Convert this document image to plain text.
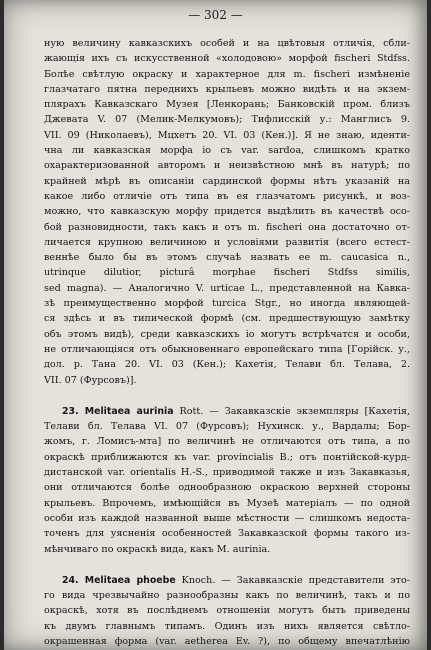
— 302 —
ную величину кавказскихъ особей и на цвѣтовыя отличія, сбли-
жающія ихъ съ искусственной «холодовою» морфой fischeri Stdfss.
Болѣе свѣтлую окраску и характерное для m. fischeri измѣненіе
глазчатаго пятна переднихъ крыльевъ можно видѣть и на экзем-
плярахъ Кавказскаго Музея [Ленкорань; Банковскій пром. близъ
Джевата V. 07 (Мелик-Мелкумовъ); Тифлисскій у.: Манглисъ 9.
VII. 09 (Николаевъ), Мцхетъ 20. VI. 03 (Кен.)]. Я не знаю, иденти-
чна ли кавказская морфа io съ var. sardoa, слишкомъ кратко
охарактеризованной авторомъ и неизвѣстною мнѣ въ натурѣ; по
крайней мѣрѣ въ описаніи сардинской формы нѣтъ указаній на
какое либо отличіе отъ типа въ ея глазчатомъ рисункѣ, и воз-
можно, что кавказскую морфу придется выдѣлить въ качествѣ осо-
бой разновидности, такъ какъ и отъ m. fischeri она достаточно от-
личается крупною величиною и условіями развитія (всего естест-
веннѣе было бы въ этомъ случаѣ назвать ее m. caucasica n.,
utrinque dilutior, picturâ morphae fischeri Stdfss similis,
sed magna). — Аналогично V. urticae L., представленной на Кавка-
зѣ преимущественно морфой turcica Stgr., но иногда являющей-
ся здѣсь и въ типической формѣ (см. предшествующую замѣтку
объ этомъ видѣ), среди кавказскихъ io могутъ встрѣчатся и особи,
не отличающіяся отъ обыкновеннаго европейскаго типа [Горійск. у.,
дол. р. Тана 20. VI. 03 (Кен.); Кахетія, Телави бл. Телава, 2.
VII. 07 (Фурсовъ)].
23. Melitaea aurinia Rott. — Закавказскіе экземпляры [Кахетія,
Телави бл. Телава VI. 07 (Фурсовъ); Нухинск. у., Вардалы; Бор-
жомъ, г. Ломисъ-мта] по величинѣ не отличаются отъ типа, а по
окраскѣ приближаются къ var. provincialis B.; отъ понтійской-курд-
дистанской var. orientalis H.-S., приводимой также и изъ Закавказья,
они отличаются болѣе однообразною окраскою верхней стороны
крыльевъ. Впрочемъ, имѣющійся въ Музеѣ матеріалъ — по одной
особи изъ каждой названной выше мѣстности — слишкомъ недоста-
точенъ для уясненія особенностей Закавказской формы такого из-
мѣнчиваго по окраскѣ вида, какъ M. aurinia.
24. Melitaea phoebe Knoch. — Закавказскіе представители это-
го вида чрезвычайно разнообразны какъ по величинѣ, такъ и по
окраскѣ, хотя въ послѣднемъ отношеніи могутъ быть приведены
къ двумъ главнымъ типамъ. Одинъ изъ нихъ является свѣтло-
окрашенная форма (var. aetherea Ev. ?), по общему впечатлѣнію
